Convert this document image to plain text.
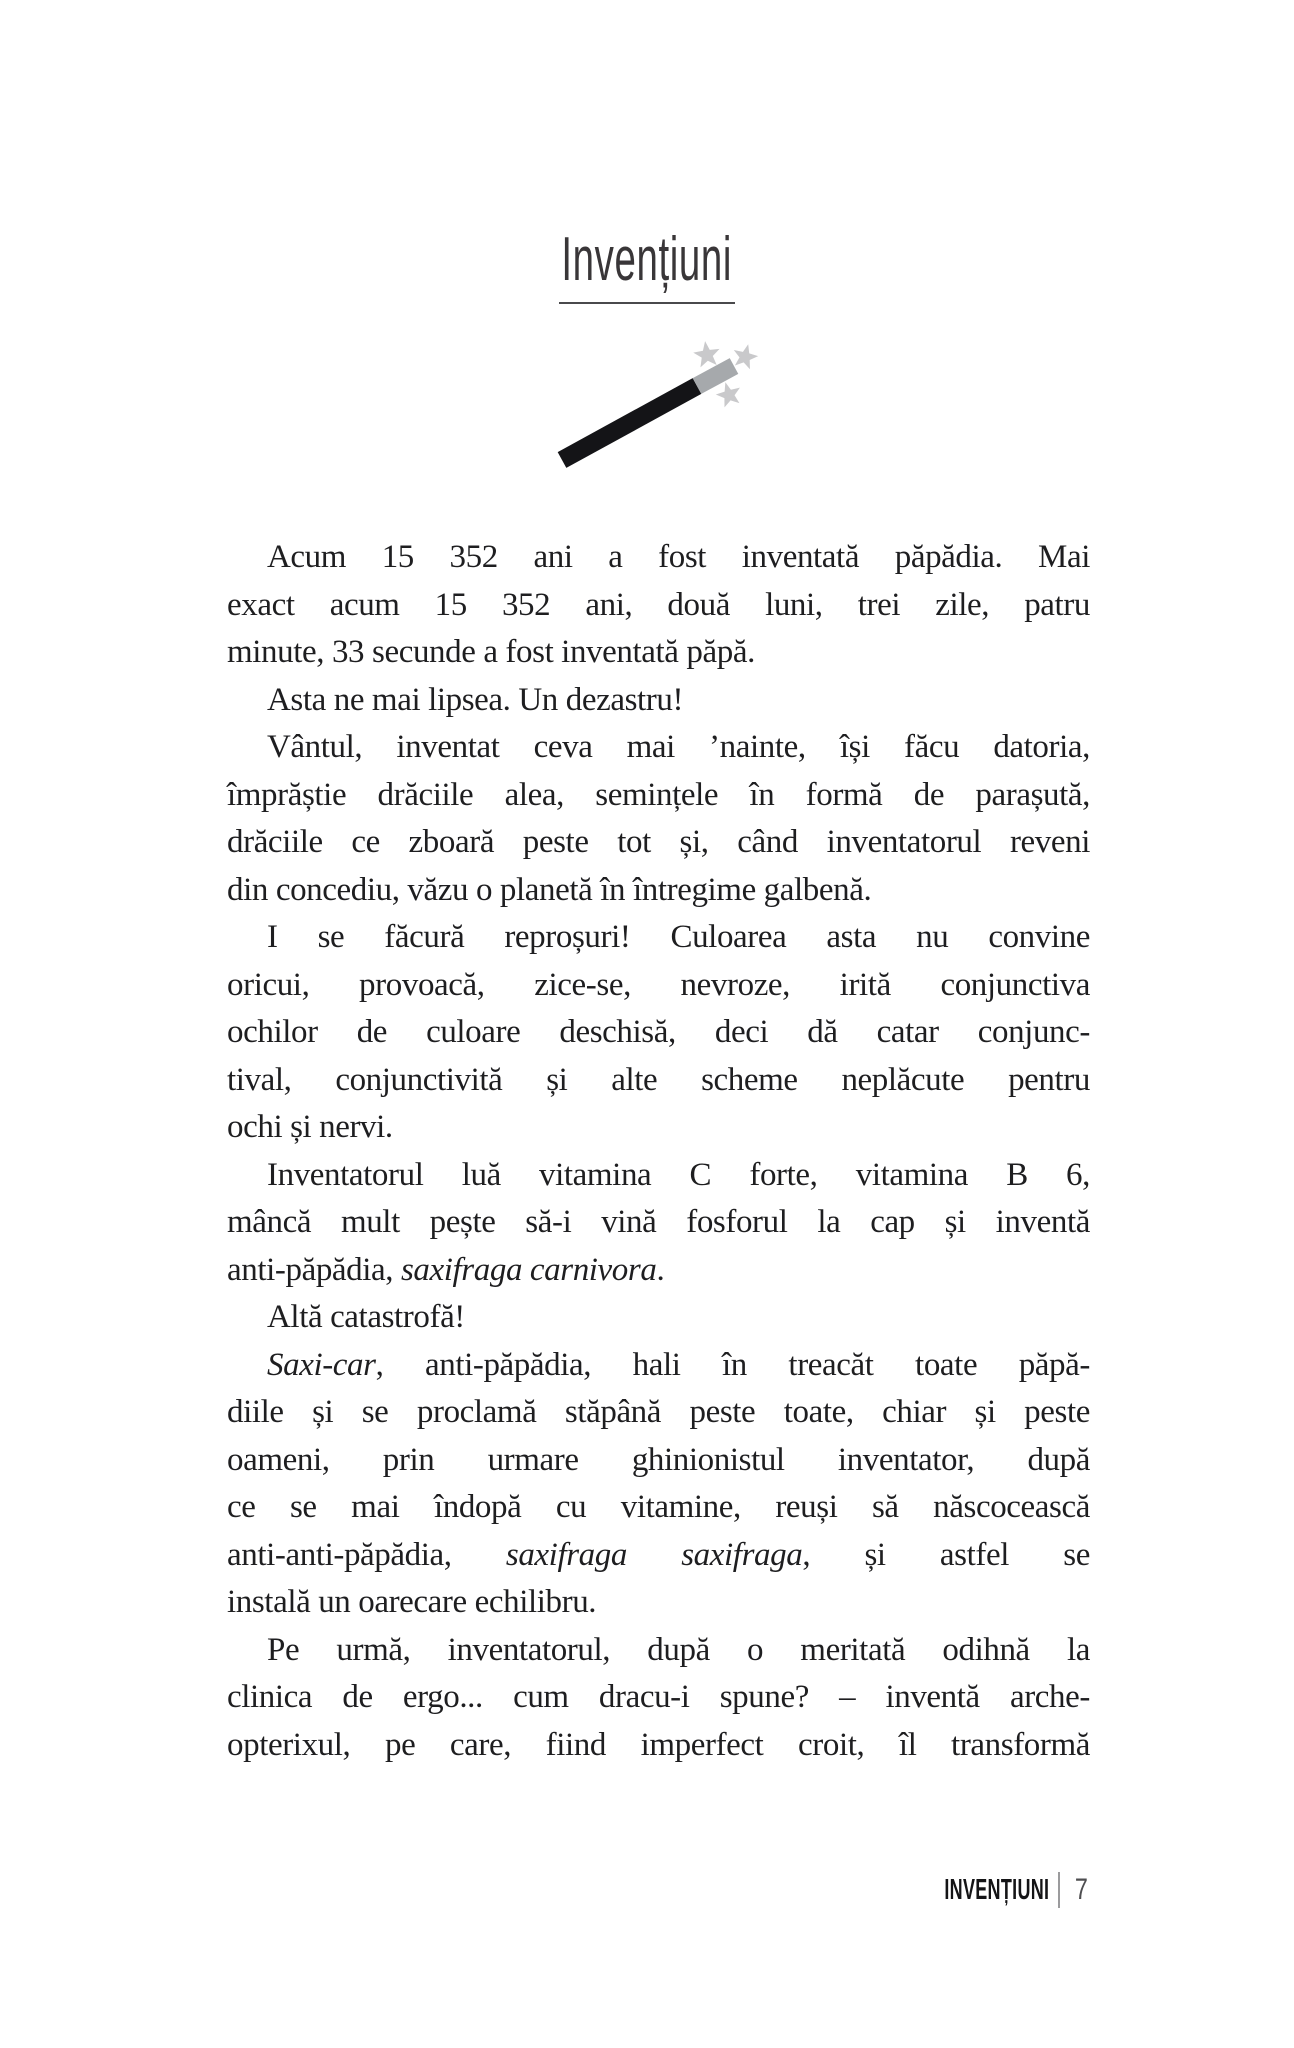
Invențiuni
Acum 15 352 ani a fost inventată păpădia. Mai
exact acum 15 352 ani, două luni, trei zile, patru
minute, 33 secunde a fost inventată păpă.
Asta ne mai lipsea. Un dezastru!
Vântul, inventat ceva mai ’nainte, își făcu datoria,
împrăștie drăciile alea, semințele în formă de parașută,
drăciile ce zboară peste tot și, când inventatorul reveni
din concediu, văzu o planetă în întregime galbenă.
I se făcură reproșuri! Culoarea asta nu convine
oricui, provoacă, zice-se, nevroze, irită conjunctiva
ochilor de culoare deschisă, deci dă catar conjunc-
tival, conjunctivită și alte scheme neplăcute pentru
ochi și nervi.
Inventatorul luă vitamina C forte, vitamina B 6,
mâncă mult pește să-i vină fosforul la cap și inventă
anti-păpădia, saxifraga carnivora.
Altă catastrofă!
Saxi-car, anti-păpădia, hali în treacăt toate păpă-
diile și se proclamă stăpână peste toate, chiar și peste
oameni, prin urmare ghinionistul inventator, după
ce se mai îndopă cu vitamine, reuși să născocească
anti-anti-păpădia, saxifraga saxifraga, și astfel se
instală un oarecare echilibru.
Pe urmă, inventatorul, după o meritată odihnă la
clinica de ergo... cum dracu-i spune? – inventă arche-
opterixul, pe care, fiind imperfect croit, îl transformă
INVENȚIUNI 7
